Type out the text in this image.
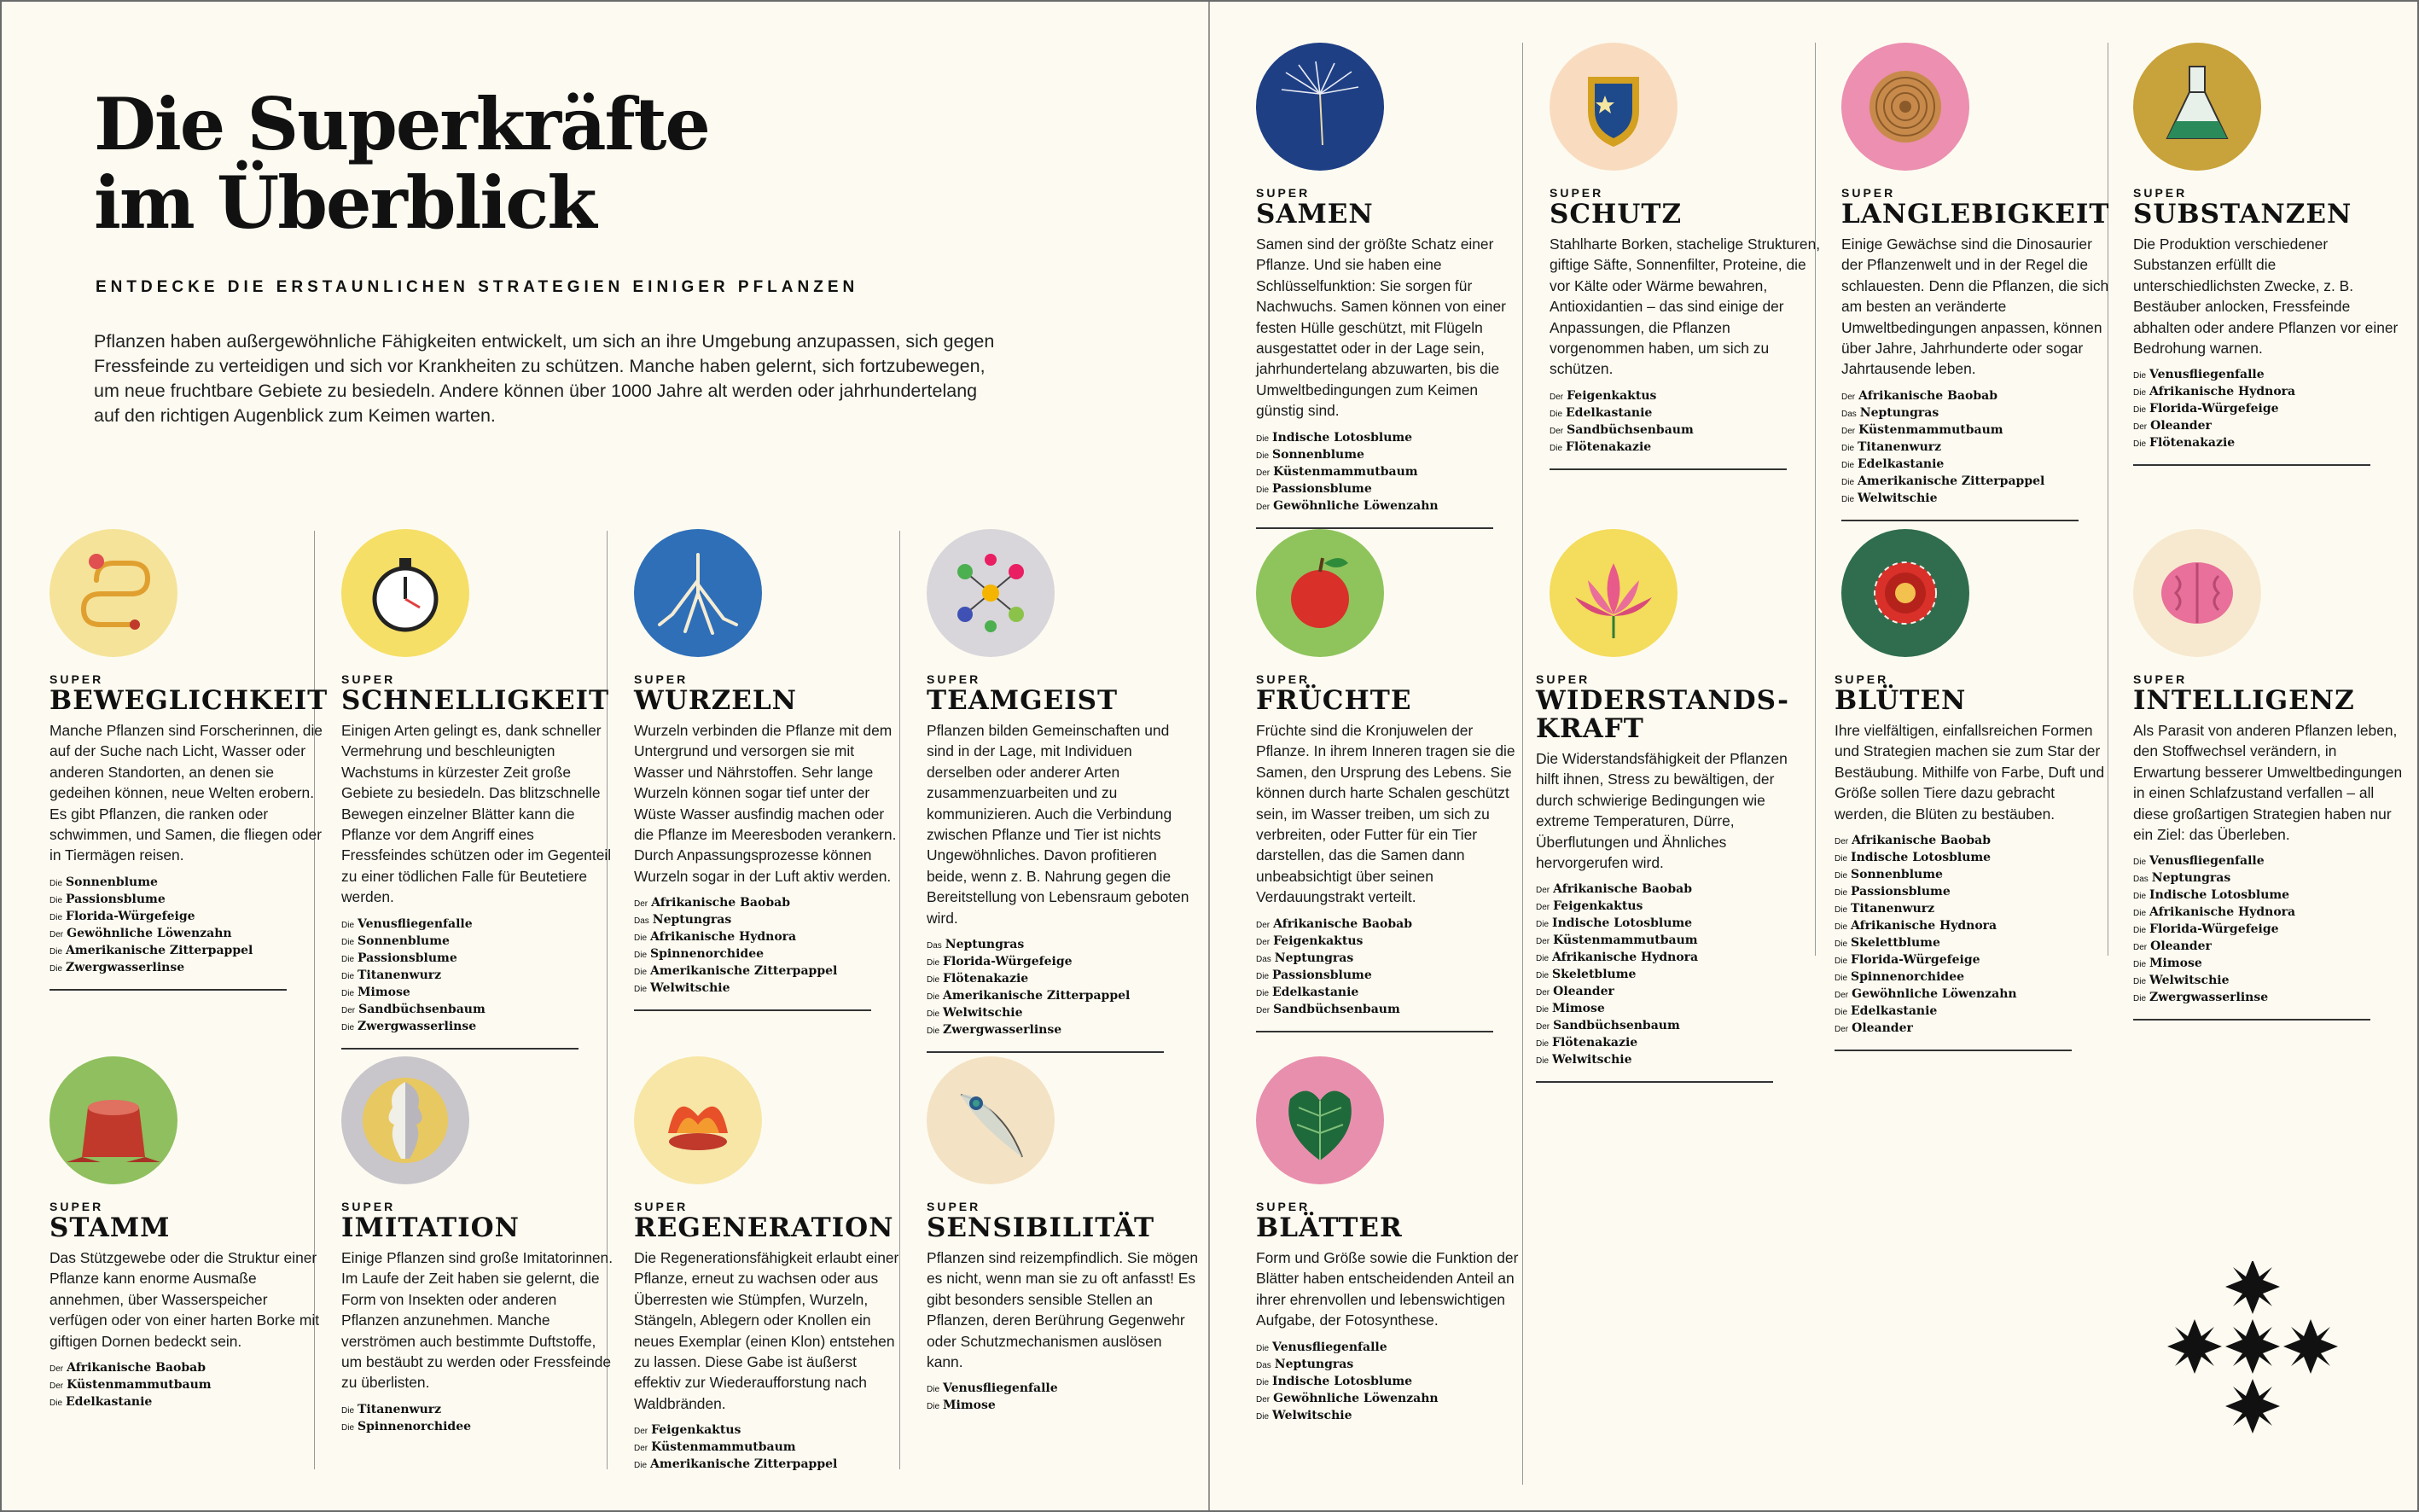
Die Superkräfte
im Überblick
ENTDECKE DIE ERSTAUNLICHEN STRATEGIEN EINIGER PFLANZEN

Pflanzen haben außergewöhnliche Fähigkeiten entwickelt, um sich an ihre Umgebung anzupassen, sich gegen Fressfeinde zu verteidigen und sich vor Krankheiten zu schützen. Manche haben gelernt, sich fortzubewegen, um neue fruchtbare Gebiete zu besiedeln. Andere können über 1000 Jahre alt werden oder jahrhundertelang auf den richtigen Augenblick zum Keimen warten.

SUPER
BEWEGLICHKEIT

Manche Pflanzen sind Forscherinnen, die auf der Suche nach Licht, Wasser oder anderen Standorten, an denen sie gedeihen können, neue Welten erobern. Es gibt Pflanzen, die ranken oder schwimmen, und Samen, die fliegen oder in Tiermägen reisen.

Die Sonnenblume
Die Passionsblume
Die Florida-Würgefeige
Der Gewöhnliche Löwenzahn
Die Amerikanische Zitterpappel
Die Zwergwasserlinse
SUPER
SCHNELLIGKEIT

Einigen Arten gelingt es, dank schneller Vermehrung und beschleunigten Wachstums in kürzester Zeit große Gebiete zu besiedeln. Das blitzschnelle Bewegen einzelner Blätter kann die Pflanze vor dem Angriff eines Fressfeindes schützen oder im Gegenteil zu einer tödlichen Falle für Beutetiere werden.

Die Venusfliegenfalle
Die Sonnenblume
Die Passionsblume
Die Titanenwurz
Die Mimose
Der Sandbüchsenbaum
Die Zwergwasserlinse
SUPER
WURZELN

Wurzeln verbinden die Pflanze mit dem Untergrund und versorgen sie mit Wasser und Nährstoffen. Sehr lange Wurzeln können sogar tief unter der Wüste Wasser ausfindig machen oder die Pflanze im Meeresboden verankern. Durch Anpassungsprozesse können Wurzeln sogar in der Luft aktiv werden.

Der Afrikanische Baobab
Das Neptungras
Die Afrikanische Hydnora
Die Spinnenorchidee
Die Amerikanische Zitterpappel
Die Welwitschie
SUPER
TEAMGEIST

Pflanzen bilden Gemeinschaften und sind in der Lage, mit Individuen derselben oder anderer Arten zusammenzuarbeiten und zu kommunizieren. Auch die Verbindung zwischen Pflanze und Tier ist nichts Ungewöhnliches. Davon profitieren beide, wenn z. B. Nahrung gegen die Bereitstellung von Lebensraum geboten wird.

Das Neptungras
Die Florida-Würgefeige
Die Flötenakazie
Die Amerikanische Zitterpappel
Die Welwitschie
Die Zwergwasserlinse
SUPER
STAMM

Das Stützgewebe oder die Struktur einer Pflanze kann enorme Ausmaße annehmen, über Wasserspeicher verfügen oder von einer harten Borke mit giftigen Dornen bedeckt sein.

Der Afrikanische Baobab
Der Küstenmammutbaum
Die Edelkastanie
SUPER
IMITATION

Einige Pflanzen sind große Imitatorinnen. Im Laufe der Zeit haben sie gelernt, die Form von Insekten oder anderen Pflanzen anzunehmen. Manche verströmen auch bestimmte Duftstoffe, um bestäubt zu werden oder Fressfeinde zu überlisten.

Die Titanenwurz
Die Spinnenorchidee
SUPER
REGENERATION

Die Regenerationsfähigkeit erlaubt einer Pflanze, erneut zu wachsen oder aus Überresten wie Stümpfen, Wurzeln, Stängeln, Ablegern oder Knollen ein neues Exemplar (einen Klon) entstehen zu lassen. Diese Gabe ist äußerst effektiv zur Wiederaufforstung nach Waldbränden.

Der Feigenkaktus
Der Küstenmammutbaum
Die Amerikanische Zitterpappel
SUPER
SENSIBILITÄT

Pflanzen sind reizempfindlich. Sie mögen es nicht, wenn man sie zu oft anfasst! Es gibt besonders sensible Stellen an Pflanzen, deren Berührung Gegenwehr oder Schutzmechanismen auslösen kann.

Die Venusfliegenfalle
Die Mimose
SUPER
SAMEN

Samen sind der größte Schatz einer Pflanze. Und sie haben eine Schlüsselfunktion: Sie sorgen für Nachwuchs. Samen können von einer festen Hülle geschützt, mit Flügeln ausgestattet oder in der Lage sein, jahrhundertelang abzuwarten, bis die Umweltbedingungen zum Keimen günstig sind.

Die Indische Lotosblume
Die Sonnenblume
Der Küstenmammutbaum
Die Passionsblume
Der Gewöhnliche Löwenzahn
SUPER
SCHUTZ

Stahlharte Borken, stachelige Strukturen, giftige Säfte, Sonnenfilter, Proteine, die vor Kälte oder Wärme bewahren, Antioxidantien – das sind einige der Anpassungen, die Pflanzen vorgenommen haben, um sich zu schützen.

Der Feigenkaktus
Die Edelkastanie
Der Sandbüchsenbaum
Die Flötenakazie
SUPER
LANGLEBIGKEIT

Einige Gewächse sind die Dinosaurier der Pflanzenwelt und in der Regel die schlauesten. Denn die Pflanzen, die sich am besten an veränderte Umweltbedingungen anpassen, können über Jahre, Jahrhunderte oder sogar Jahrtausende leben.

Der Afrikanische Baobab
Das Neptungras
Der Küstenmammutbaum
Die Titanenwurz
Die Edelkastanie
Die Amerikanische Zitterpappel
Die Welwitschie
SUPER
SUBSTANZEN

Die Produktion verschiedener Substanzen erfüllt die unterschiedlichsten Zwecke, z. B. Bestäuber anlocken, Fressfeinde abhalten oder andere Pflanzen vor einer Bedrohung warnen.

Die Venusfliegenfalle
Die Afrikanische Hydnora
Die Florida-Würgefeige
Der Oleander
Die Flötenakazie
SUPER
FRÜCHTE

Früchte sind die Kronjuwelen der Pflanze. In ihrem Inneren tragen sie die Samen, den Ursprung des Lebens. Sie können durch harte Schalen geschützt sein, im Wasser treiben, um sich zu verbreiten, oder Futter für ein Tier darstellen, das die Samen dann unbeabsichtigt über seinen Verdauungstrakt verteilt.

Der Afrikanische Baobab
Der Feigenkaktus
Das Neptungras
Die Passionsblume
Die Edelkastanie
Der Sandbüchsenbaum
SUPER
WIDERSTANDS-
KRAFT

Die Widerstandsfähigkeit der Pflanzen hilft ihnen, Stress zu bewältigen, der durch schwierige Bedingungen wie extreme Temperaturen, Dürre, Überflutungen und Ähnliches hervorgerufen wird.

Der Afrikanische Baobab
Der Feigenkaktus
Die Indische Lotosblume
Der Küstenmammutbaum
Die Afrikanische Hydnora
Die Skeletblume
Der Oleander
Die Mimose
Der Sandbüchsenbaum
Die Flötenakazie
Die Welwitschie
SUPER
BLÜTEN

Ihre vielfältigen, einfallsreichen Formen und Strategien machen sie zum Star der Bestäubung. Mithilfe von Farbe, Duft und Größe sollen Tiere dazu gebracht werden, die Blüten zu bestäuben.

Der Afrikanische Baobab
Die Indische Lotosblume
Die Sonnenblume
Die Passionsblume
Die Titanenwurz
Die Afrikanische Hydnora
Die Skelettblume
Die Florida-Würgefeige
Die Spinnenorchidee
Der Gewöhnliche Löwenzahn
Die Edelkastanie
Der Oleander
SUPER
INTELLIGENZ

Als Parasit von anderen Pflanzen leben, den Stoffwechsel verändern, in Erwartung besserer Umweltbedingungen in einen Schlafzustand verfallen – all diese großartigen Strategien haben nur ein Ziel: das Überleben.

Die Venusfliegenfalle
Das Neptungras
Die Indische Lotosblume
Die Afrikanische Hydnora
Die Florida-Würgefeige
Der Oleander
Die Mimose
Die Welwitschie
Die Zwergwasserlinse
SUPER
BLÄTTER

Form und Größe sowie die Funktion der Blätter haben entscheidenden Anteil an ihrer ehrenvollen und lebenswichtigen Aufgabe, der Fotosynthese.

Die Venusfliegenfalle
Das Neptungras
Die Indische Lotosblume
Der Gewöhnliche Löwenzahn
Die Welwitschie
